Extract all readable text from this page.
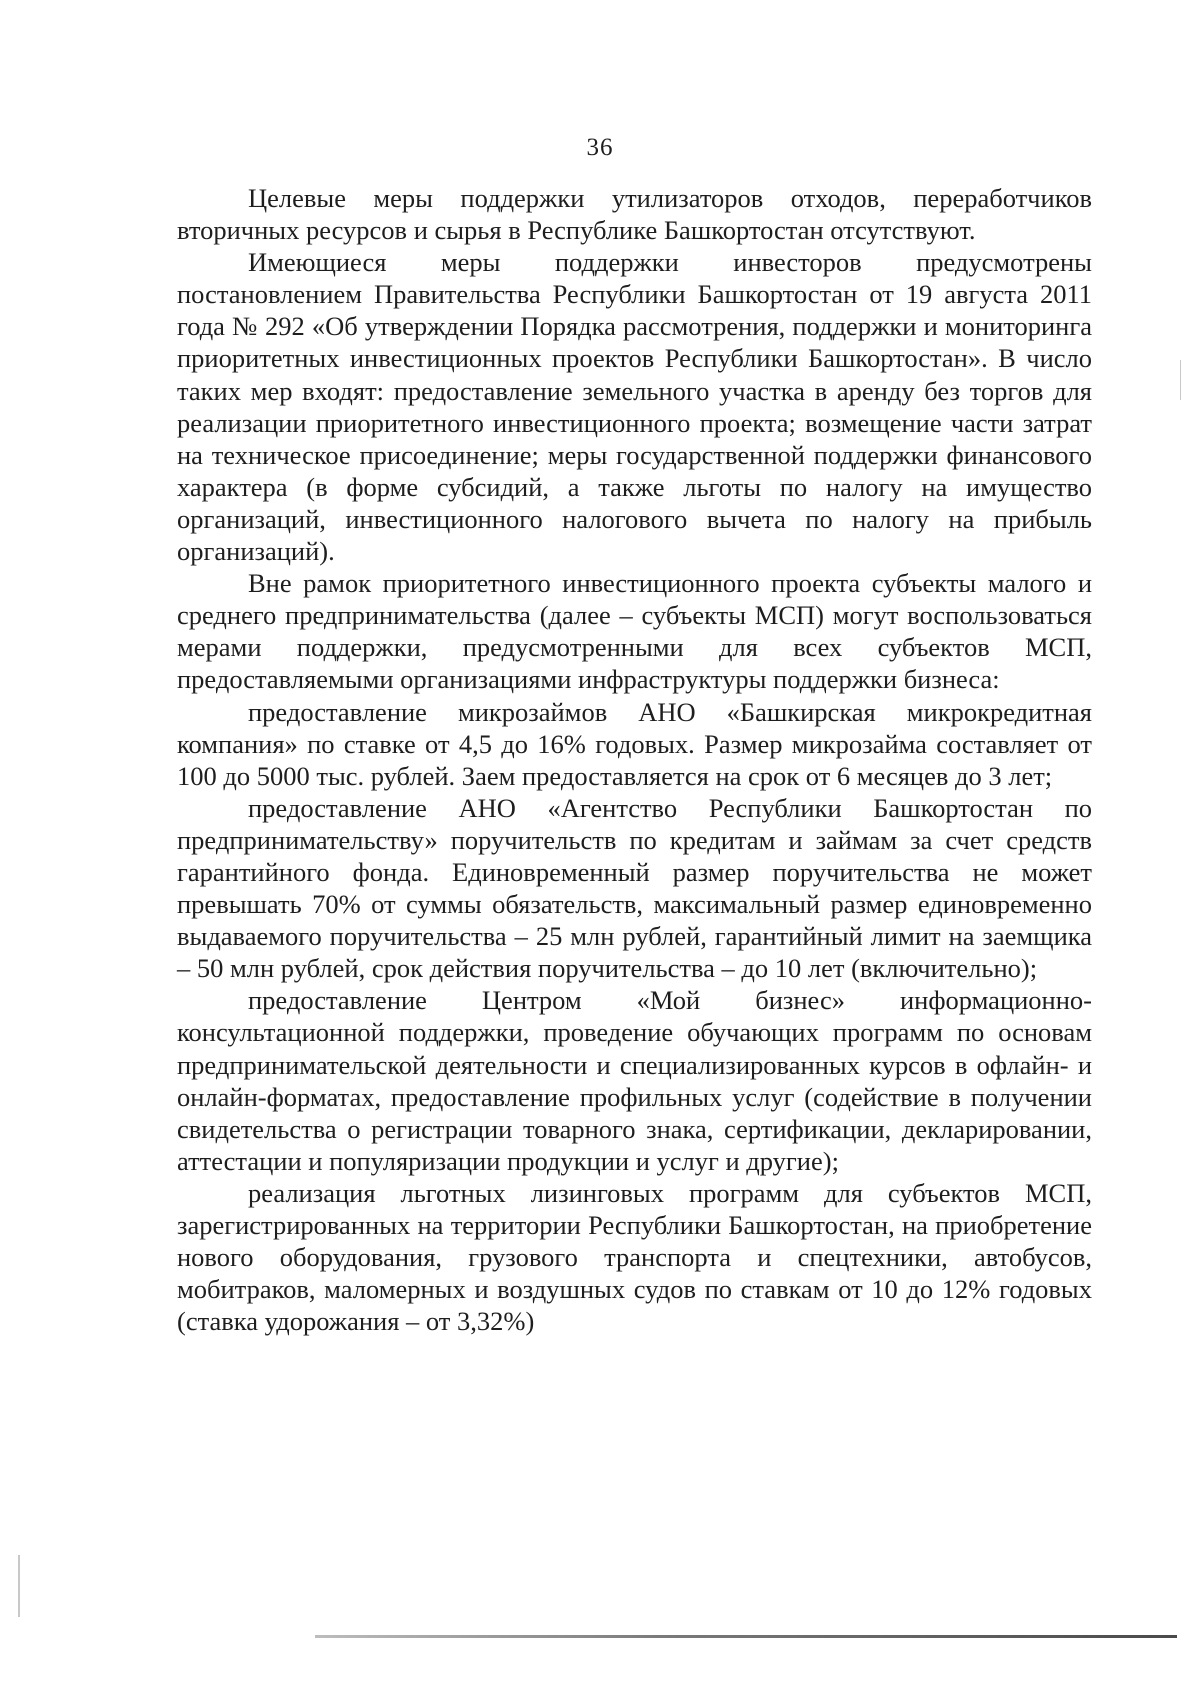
36

Целевые меры поддержки утилизаторов отходов, переработчиков вторичных ресурсов и сырья в Республике Башкортостан отсутствуют.

Имеющиеся меры поддержки инвесторов предусмотрены постановлением Правительства Республики Башкортостан от 19 августа 2011 года № 292 «Об утверждении Порядка рассмотрения, поддержки и мониторинга приоритетных инвестиционных проектов Республики Башкортостан». В число таких мер входят: предоставление земельного участка в аренду без торгов для реализации приоритетного инвестиционного проекта; возмещение части затрат на техническое присоединение; меры государственной поддержки финансового характера (в форме субсидий, а также льготы по налогу на имущество организаций, инвестиционного налогового вычета по налогу на прибыль организаций).

Вне рамок приоритетного инвестиционного проекта субъекты малого и среднего предпринимательства (далее – субъекты МСП) могут воспользоваться мерами поддержки, предусмотренными для всех субъектов МСП, предоставляемыми организациями инфраструктуры поддержки бизнеса:

предоставление микрозаймов АНО «Башкирская микрокредитная компания» по ставке от 4,5 до 16% годовых. Размер микрозайма составляет от 100 до 5000 тыс. рублей. Заем предоставляется на срок от 6 месяцев до 3 лет;

предоставление АНО «Агентство Республики Башкортостан по предпринимательству» поручительств по кредитам и займам за счет средств гарантийного фонда. Единовременный размер поручительства не может превышать 70% от суммы обязательств, максимальный размер единовременно выдаваемого поручительства – 25 млн рублей, гарантийный лимит на заемщика – 50 млн рублей, срок действия поручительства – до 10 лет (включительно);

предоставление Центром «Мой бизнес» информационно-консультационной поддержки, проведение обучающих программ по основам предпринимательской деятельности и специализированных курсов в офлайн- и онлайн-форматах, предоставление профильных услуг (содействие в получении свидетельства о регистрации товарного знака, сертификации, декларировании, аттестации и популяризации продукции и услуг и другие);

реализация льготных лизинговых программ для субъектов МСП, зарегистрированных на территории Республики Башкортостан, на приобретение нового оборудования, грузового транспорта и спецтехники, автобусов, мобитраков, маломерных и воздушных судов по ставкам от 10 до 12% годовых (ставка удорожания – от 3,32%)
